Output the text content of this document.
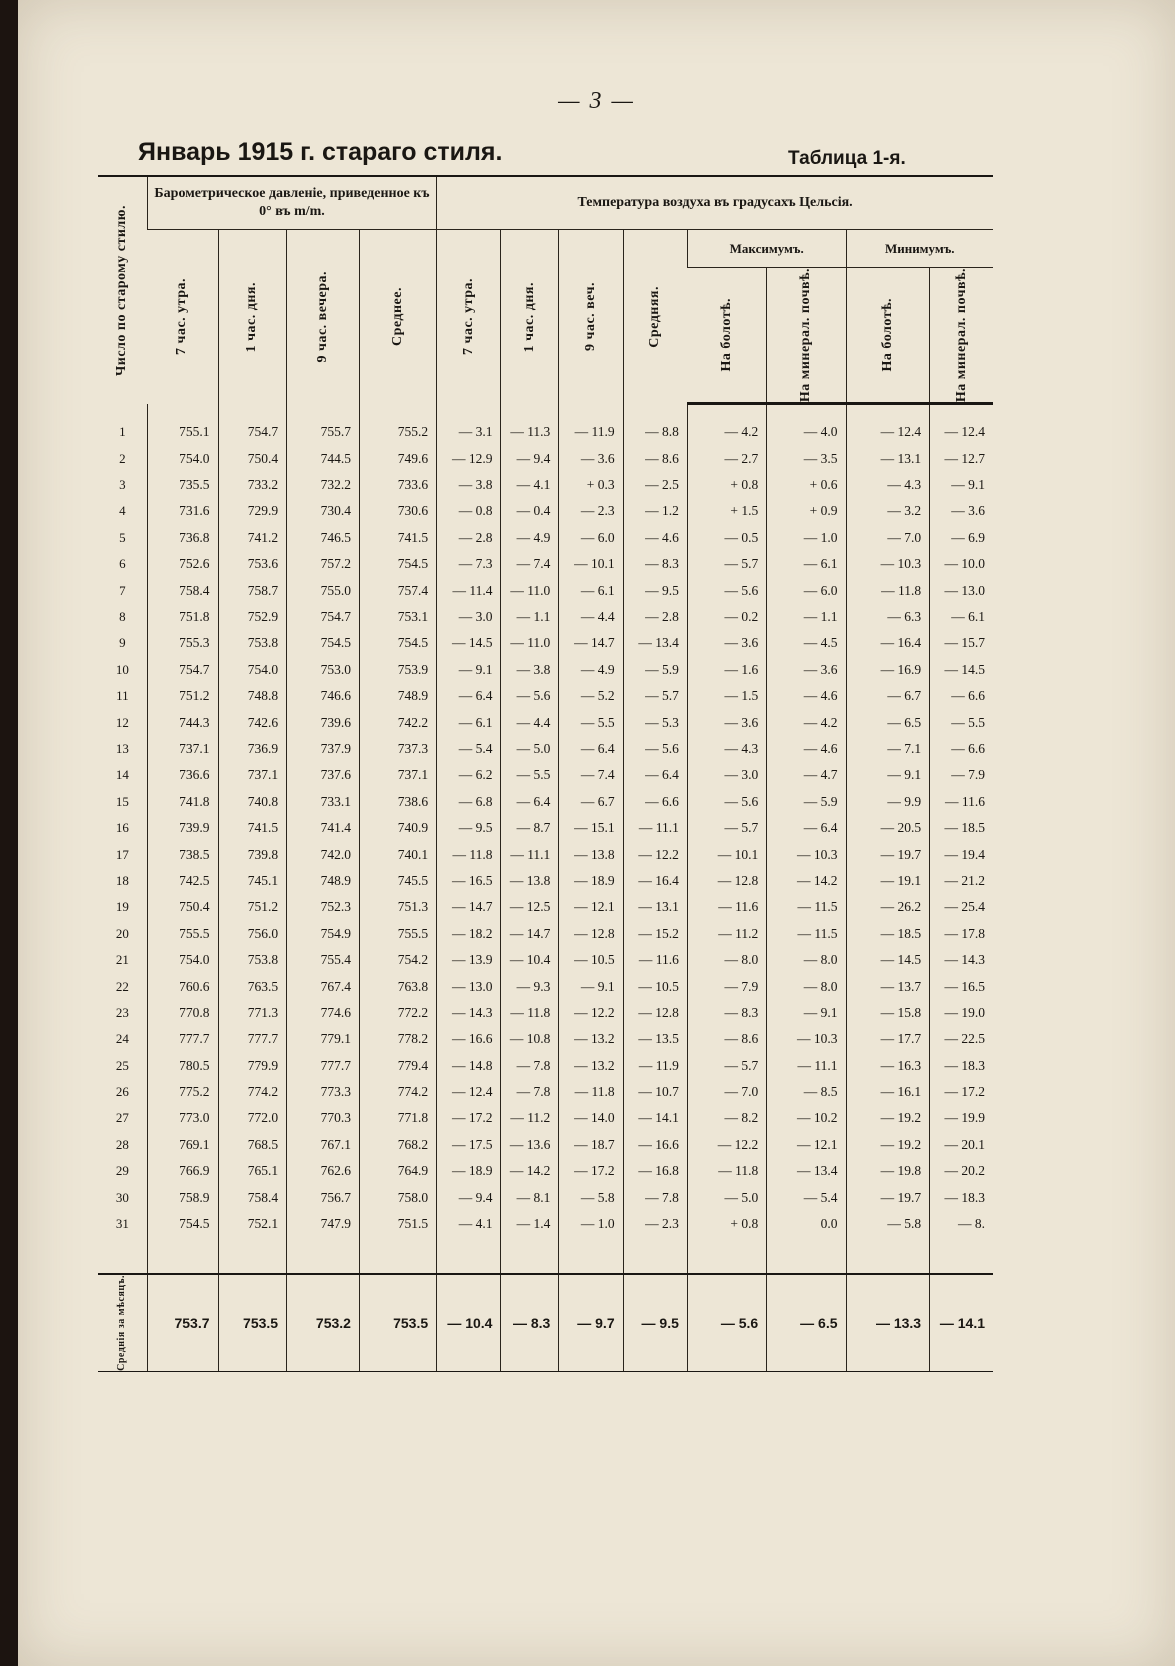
— 3 —
Январь 1915 г. стараго стиля.	Таблица 1-я.
Число по старому стилю.	Барометрическое давленіе, приведенное къ 0° въ m/m.				Температура воздуха въ градусахъ Цельсія.							

	7 час. утра.	1 час. дня.	9 час. вечера.	Среднее.	7 час. утра.	1 час. дня.	9 час. веч.	Средняя.	Максимумъ.		Минимумъ.	

									На болотѣ.	На минерал. почвѣ.	На болотѣ.	На минерал. почвѣ.

1	755.1	754.7	755.7	755.2	— 3.1	— 11.3	— 11.9	— 8.8	— 4.2	— 4.0	— 12.4	— 12.4
2	754.0	750.4	744.5	749.6	— 12.9	— 9.4	— 3.6	— 8.6	— 2.7	— 3.5	— 13.1	— 12.7
3	735.5	733.2	732.2	733.6	— 3.8	— 4.1	+ 0.3	— 2.5	+ 0.8	+ 0.6	— 4.3	— 9.1
4	731.6	729.9	730.4	730.6	— 0.8	— 0.4	— 2.3	— 1.2	+ 1.5	+ 0.9	— 3.2	— 3.6
5	736.8	741.2	746.5	741.5	— 2.8	— 4.9	— 6.0	— 4.6	— 0.5	— 1.0	— 7.0	— 6.9
6	752.6	753.6	757.2	754.5	— 7.3	— 7.4	— 10.1	— 8.3	— 5.7	— 6.1	— 10.3	— 10.0
7	758.4	758.7	755.0	757.4	— 11.4	— 11.0	— 6.1	— 9.5	— 5.6	— 6.0	— 11.8	— 13.0
8	751.8	752.9	754.7	753.1	— 3.0	— 1.1	— 4.4	— 2.8	— 0.2	— 1.1	— 6.3	— 6.1
9	755.3	753.8	754.5	754.5	— 14.5	— 11.0	— 14.7	— 13.4	— 3.6	— 4.5	— 16.4	— 15.7
10	754.7	754.0	753.0	753.9	— 9.1	— 3.8	— 4.9	— 5.9	— 1.6	— 3.6	— 16.9	— 14.5
11	751.2	748.8	746.6	748.9	— 6.4	— 5.6	— 5.2	— 5.7	— 1.5	— 4.6	— 6.7	— 6.6
12	744.3	742.6	739.6	742.2	— 6.1	— 4.4	— 5.5	— 5.3	— 3.6	— 4.2	— 6.5	— 5.5
13	737.1	736.9	737.9	737.3	— 5.4	— 5.0	— 6.4	— 5.6	— 4.3	— 4.6	— 7.1	— 6.6
14	736.6	737.1	737.6	737.1	— 6.2	— 5.5	— 7.4	— 6.4	— 3.0	— 4.7	— 9.1	— 7.9
15	741.8	740.8	733.1	738.6	— 6.8	— 6.4	— 6.7	— 6.6	— 5.6	— 5.9	— 9.9	— 11.6
16	739.9	741.5	741.4	740.9	— 9.5	— 8.7	— 15.1	— 11.1	— 5.7	— 6.4	— 20.5	— 18.5
17	738.5	739.8	742.0	740.1	— 11.8	— 11.1	— 13.8	— 12.2	— 10.1	— 10.3	— 19.7	— 19.4
18	742.5	745.1	748.9	745.5	— 16.5	— 13.8	— 18.9	— 16.4	— 12.8	— 14.2	— 19.1	— 21.2
19	750.4	751.2	752.3	751.3	— 14.7	— 12.5	— 12.1	— 13.1	— 11.6	— 11.5	— 26.2	— 25.4
20	755.5	756.0	754.9	755.5	— 18.2	— 14.7	— 12.8	— 15.2	— 11.2	— 11.5	— 18.5	— 17.8
21	754.0	753.8	755.4	754.2	— 13.9	— 10.4	— 10.5	— 11.6	— 8.0	— 8.0	— 14.5	— 14.3
22	760.6	763.5	767.4	763.8	— 13.0	— 9.3	— 9.1	— 10.5	— 7.9	— 8.0	— 13.7	— 16.5
23	770.8	771.3	774.6	772.2	— 14.3	— 11.8	— 12.2	— 12.8	— 8.3	— 9.1	— 15.8	— 19.0
24	777.7	777.7	779.1	778.2	— 16.6	— 10.8	— 13.2	— 13.5	— 8.6	— 10.3	— 17.7	— 22.5
25	780.5	779.9	777.7	779.4	— 14.8	— 7.8	— 13.2	— 11.9	— 5.7	— 11.1	— 16.3	— 18.3
26	775.2	774.2	773.3	774.2	— 12.4	— 7.8	— 11.8	— 10.7	— 7.0	— 8.5	— 16.1	— 17.2
27	773.0	772.0	770.3	771.8	— 17.2	— 11.2	— 14.0	— 14.1	— 8.2	— 10.2	— 19.2	— 19.9
28	769.1	768.5	767.1	768.2	— 17.5	— 13.6	— 18.7	— 16.6	— 12.2	— 12.1	— 19.2	— 20.1
29	766.9	765.1	762.6	764.9	— 18.9	— 14.2	— 17.2	— 16.8	— 11.8	— 13.4	— 19.8	— 20.2
30	758.9	758.4	756.7	758.0	— 9.4	— 8.1	— 5.8	— 7.8	— 5.0	— 5.4	— 19.7	— 18.3
31	754.5	752.1	747.9	751.5	— 4.1	— 1.4	— 1.0	— 2.3	+ 0.8	0.0	— 5.8	— 8.

Среднія за мѣсяцъ.	753.7	753.5	753.2	753.5	— 10.4	— 8.3	— 9.7	— 9.5	— 5.6	— 6.5	— 13.3	— 14.1
